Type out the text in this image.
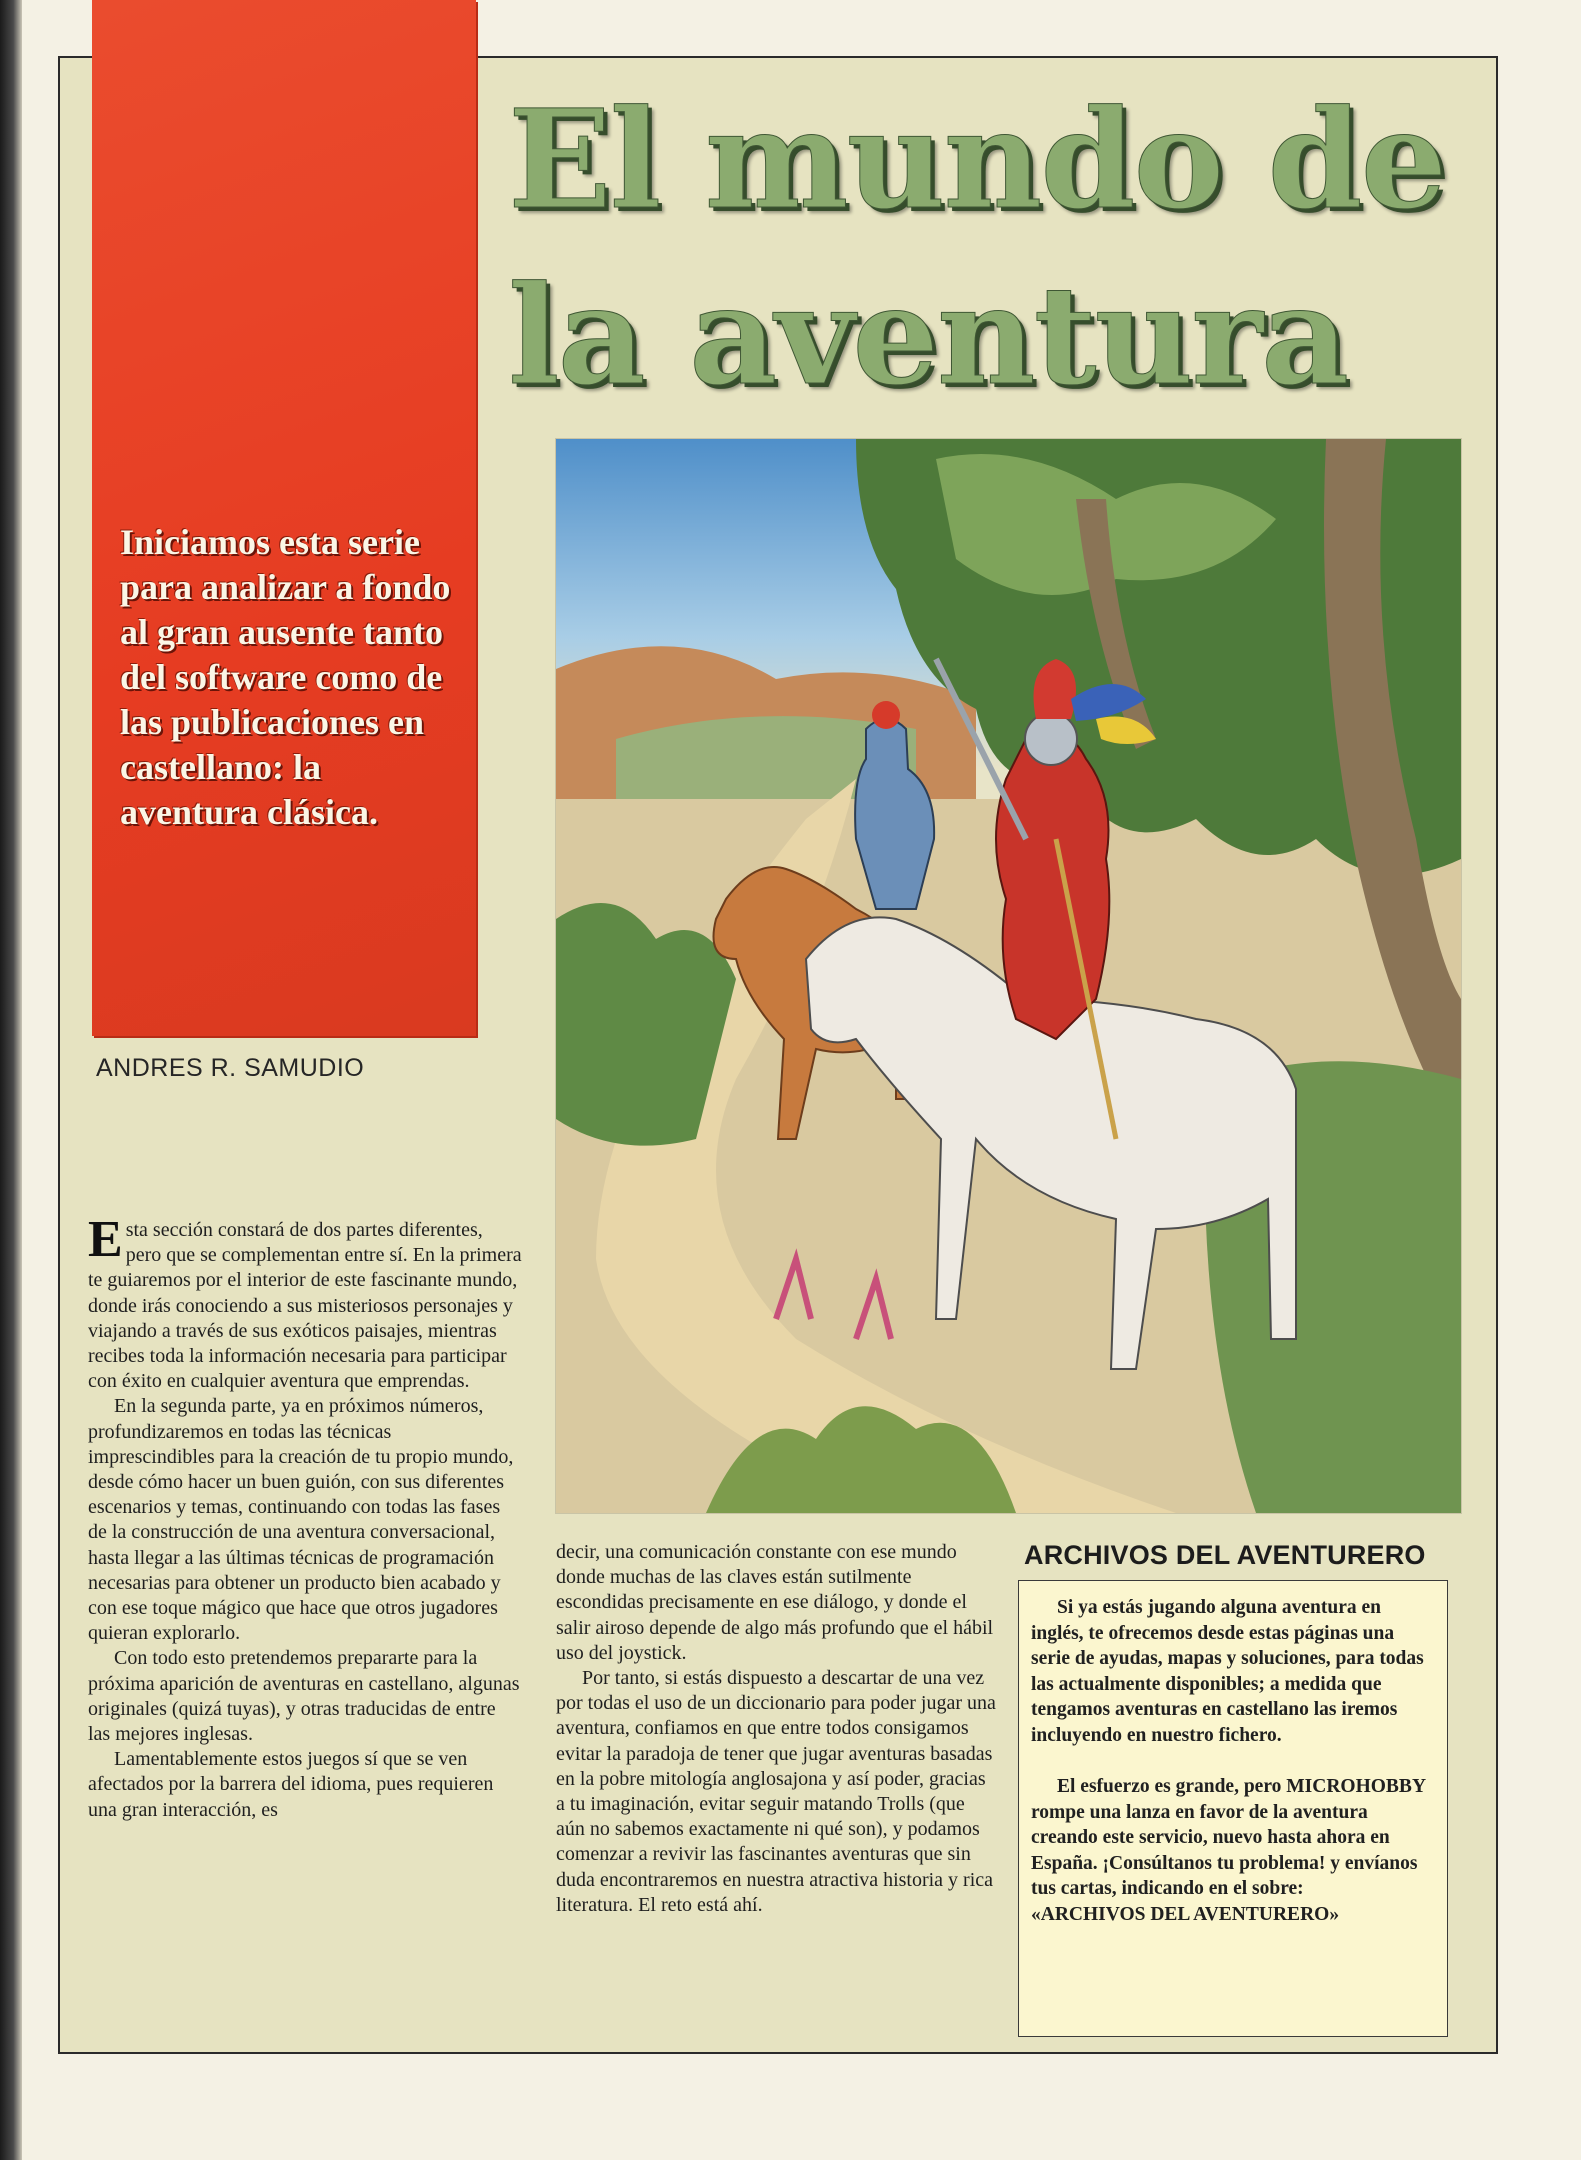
Iniciamos esta serie para analizar a fondo al gran ausente tanto del software como de las publicaciones en castellano: la aventura clásica.

El mundo de la aventura
ANDRES R. SAMUDIO

Esta sección constará de dos partes diferentes, pero que se complementan entre sí. En la primera te guiaremos por el interior de este fascinante mundo, donde irás conociendo a sus misteriosos personajes y viajando a través de sus exóticos paisajes, mientras recibes toda la información necesaria para participar con éxito en cualquier aventura que emprendas.

En la segunda parte, ya en próximos números, profundizaremos en todas las técnicas imprescindibles para la creación de tu propio mundo, desde cómo hacer un buen guión, con sus diferentes escenarios y temas, continuando con todas las fases de la construcción de una aventura conversacional, hasta llegar a las últimas técnicas de programación necesarias para obtener un producto bien acabado y con ese toque mágico que hace que otros jugadores quieran explorarlo.

Con todo esto pretendemos prepararte para la próxima aparición de aventuras en castellano, algunas originales (quizá tuyas), y otras traducidas de entre las mejores inglesas.

Lamentablemente estos juegos sí que se ven afectados por la barrera del idioma, pues requieren una gran interacción, es

decir, una comunicación constante con ese mundo donde muchas de las claves están sutilmente escondidas precisamente en ese diálogo, y donde el salir airoso depende de algo más profundo que el hábil uso del joystick.

Por tanto, si estás dispuesto a descartar de una vez por todas el uso de un diccionario para poder jugar una aventura, confiamos en que entre todos consigamos evitar la paradoja de tener que jugar aventuras basadas en la pobre mitología anglosajona y así poder, gracias a tu imaginación, evitar seguir matando Trolls (que aún no sabemos exactamente ni qué son), y podamos comenzar a revivir las fascinantes aventuras que sin duda encontraremos en nuestra atractiva historia y rica literatura. El reto está ahí.

ARCHIVOS DEL AVENTURERO

Si ya estás jugando alguna aventura en inglés, te ofrecemos desde estas páginas una serie de ayudas, mapas y soluciones, para todas las actualmente disponibles; a medida que tengamos aventuras en castellano las iremos incluyendo en nuestro fichero.

El esfuerzo es grande, pero MICROHOBBY rompe una lanza en favor de la aventura creando este servicio, nuevo hasta ahora en España. ¡Consúltanos tu problema! y envíanos tus cartas, indicando en el sobre:

«ARCHIVOS DEL AVENTURERO»
